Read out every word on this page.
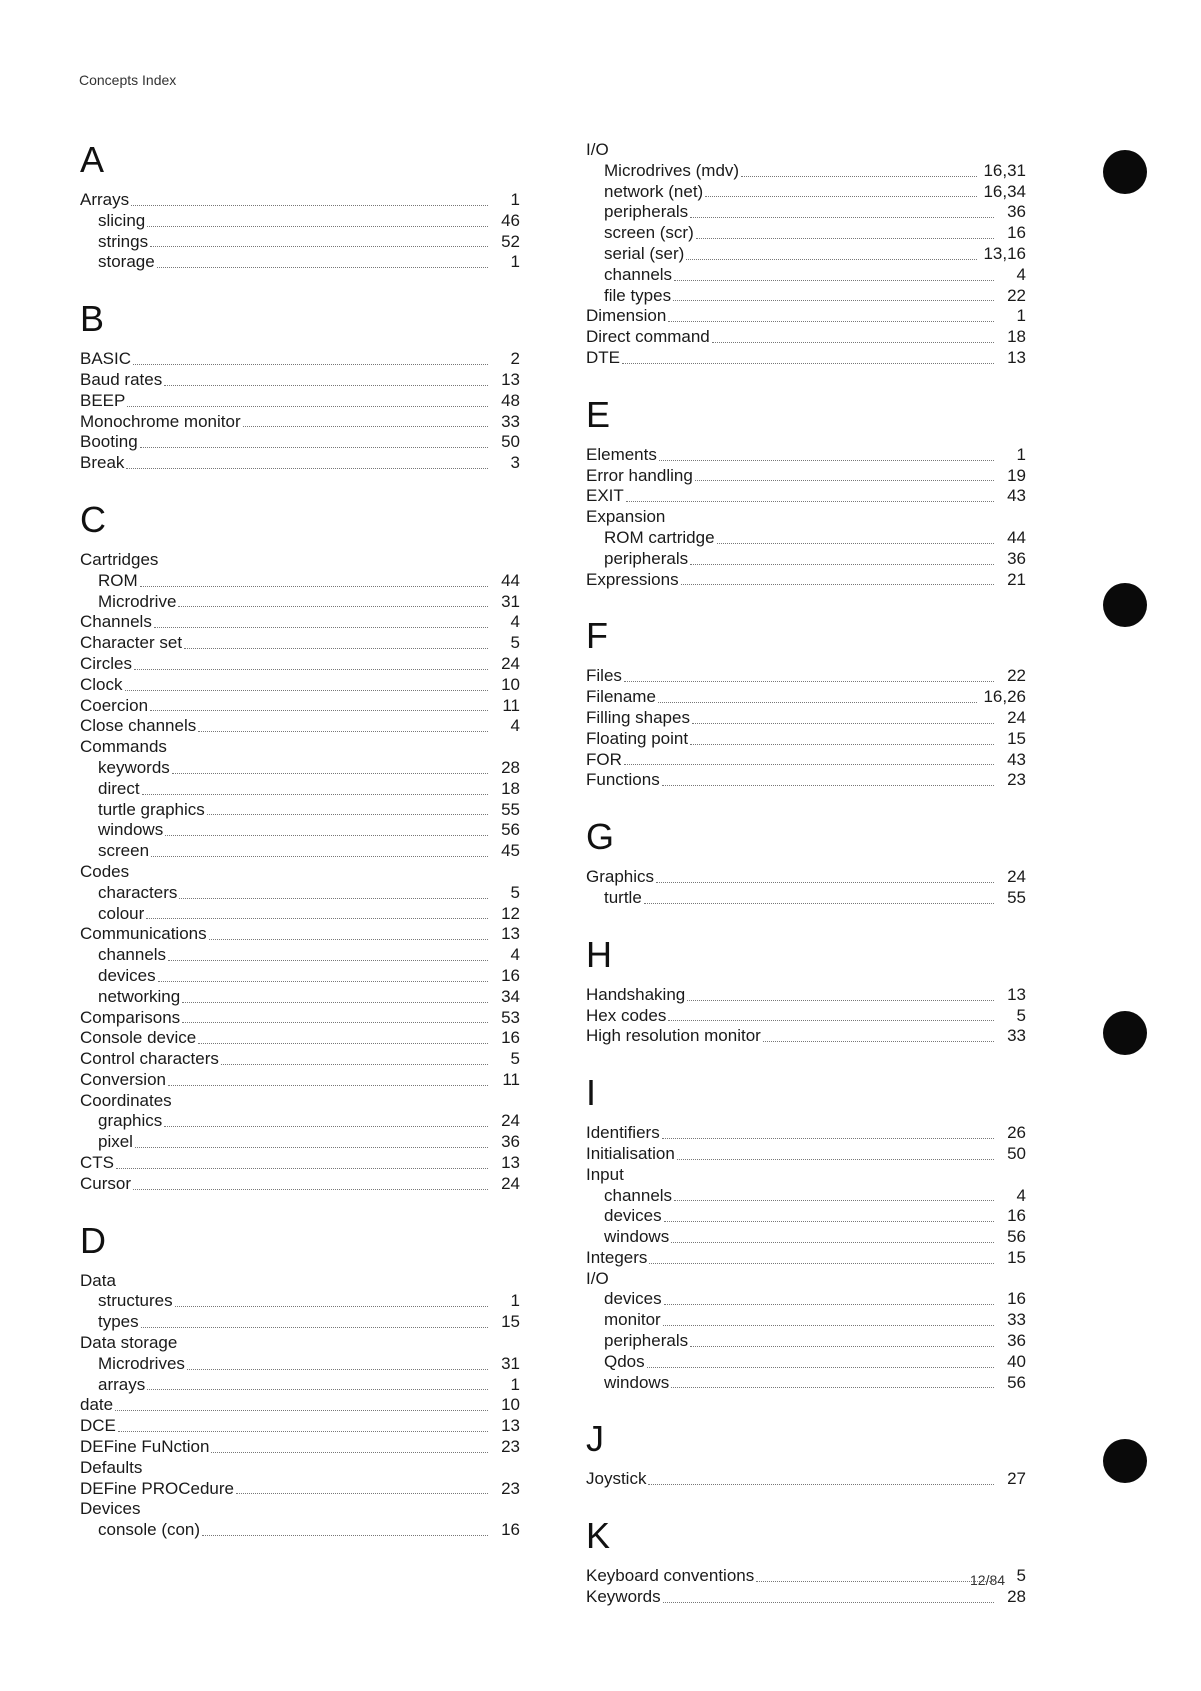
Concepts Index
A
Arrays	1
slicing	46
strings	52
storage	1
B
BASIC	2
Baud rates	13
BEEP	48
Monochrome monitor	33
Booting	50
Break	3
C
Cartridges
ROM	44
Microdrive	31
Channels	4
Character set	5
Circles	24
Clock	10
Coercion	11
Close channels	4
Commands
keywords	28
direct	18
turtle graphics	55
windows	56
screen	45
Codes
characters	5
colour	12
Communications	13
channels	4
devices	16
networking	34
Comparisons	53
Console device	16
Control characters	5
Conversion	11
Coordinates
graphics	24
pixel	36
CTS	13
Cursor	24
D
Data
structures	1
types	15
Data storage
Microdrives	31
arrays	1
date	10
DCE	13
DEFine FuNction	23
Defaults
DEFine PROCedure	23
Devices
console (con)	16
I/O
Microdrives (mdv)	16,31
network (net)	16,34
peripherals	36
screen (scr)	16
serial (ser)	13,16
channels	4
file types	22
Dimension	1
Direct command	18
DTE	13
E
Elements	1
Error handling	19
EXIT	43
Expansion
ROM cartridge	44
peripherals	36
Expressions	21
F
Files	22
Filename	16,26
Filling shapes	24
Floating point	15
FOR	43
Functions	23
G
Graphics	24
turtle	55
H
Handshaking	13
Hex codes	5
High resolution monitor	33
I
Identifiers	26
Initialisation	50
Input
channels	4
devices	16
windows	56
Integers	15
I/O
devices	16
monitor	33
peripherals	36
Qdos	40
windows	56
J
Joystick	27
K
Keyboard conventions	5
Keywords	28
12/84
